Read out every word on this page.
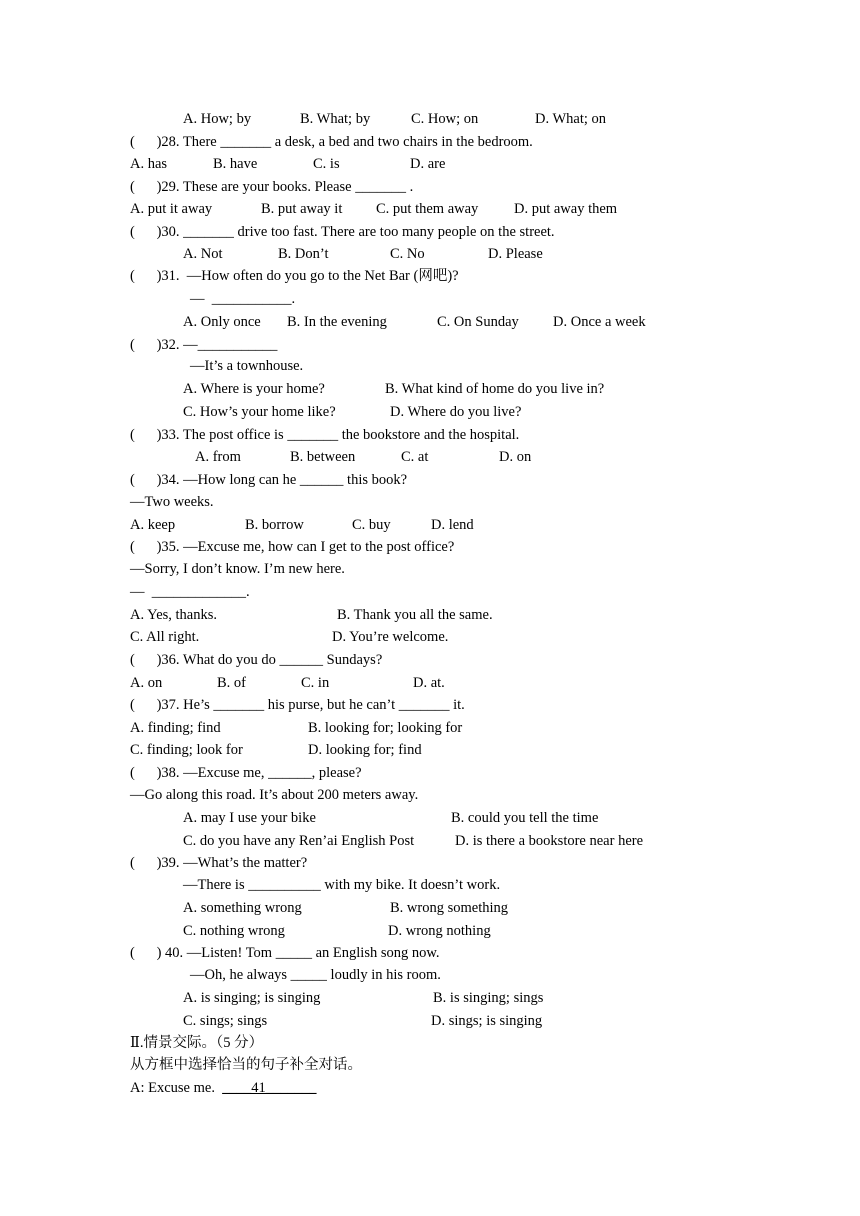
A. How; by	B. What; by	C. How; on	D. What; on
(      )28. There _______ a desk, a bed and two chairs in the bedroom.
A. has	B. have	C. is	D. are
(      )29. These are your books. Please _______ .
A. put it away	B. put away it C. put them away D. put away them
(      )30. _______ drive too fast. There are too many people on the street.
A. Not	B. Don’t	C. No	D. Please
(      )31.  —How often do you go to the Net Bar (网吧)?
—  ___________.
A. Only once B. In the evening	C. On Sunday D. Once a week
(      )32. —___________
—It’s a townhouse.
A. Where is your home?	B. What kind of home do you live in?
C. How’s your home like?	D. Where do you live?
(      )33. The post office is _______ the bookstore and the hospital.
A. from	B. between	C. at	D. on
(      )34. —How long can he ______ this book?
—Two weeks.
A. keep	B. borrow	C. buy	D. lend
(      )35. —Excuse me, how can I get to the post office?
—Sorry, I don’t know. I’m new here.
—  _____________.
A. Yes, thanks.	B. Thank you all the same.
C. All right.	D. You’re welcome.
(      )36. What do you do ______ Sundays?
A. on	B. of	C. in	D. at.
(      )37. He’s _______ his purse, but he can’t _______ it.
A. finding; find	B. looking for; looking for
C. finding; look for	D. looking for; find
(      )38. —Excuse me, ______, please?
—Go along this road. It’s about 200 meters away.
A. may I use your bike	B. could you tell the time
C. do you have any Ren’ai English Post	D. is there a bookstore near here
(      )39. —What’s the matter?
—There is __________ with my bike. It doesn’t work.
A. something wrong	B. wrong something
C. nothing wrong	D. wrong nothing
(      ) 40. —Listen! Tom _____ an English song now.
—Oh, he always _____ loudly in his room.
A. is singing; is singing	B. is singing; sings
C. sings; sings	D. sings; is singing
Ⅱ.情景交际。（5 分）
从方框中选择恰当的句子补全对话。
A: Excuse me.  ____41_______
